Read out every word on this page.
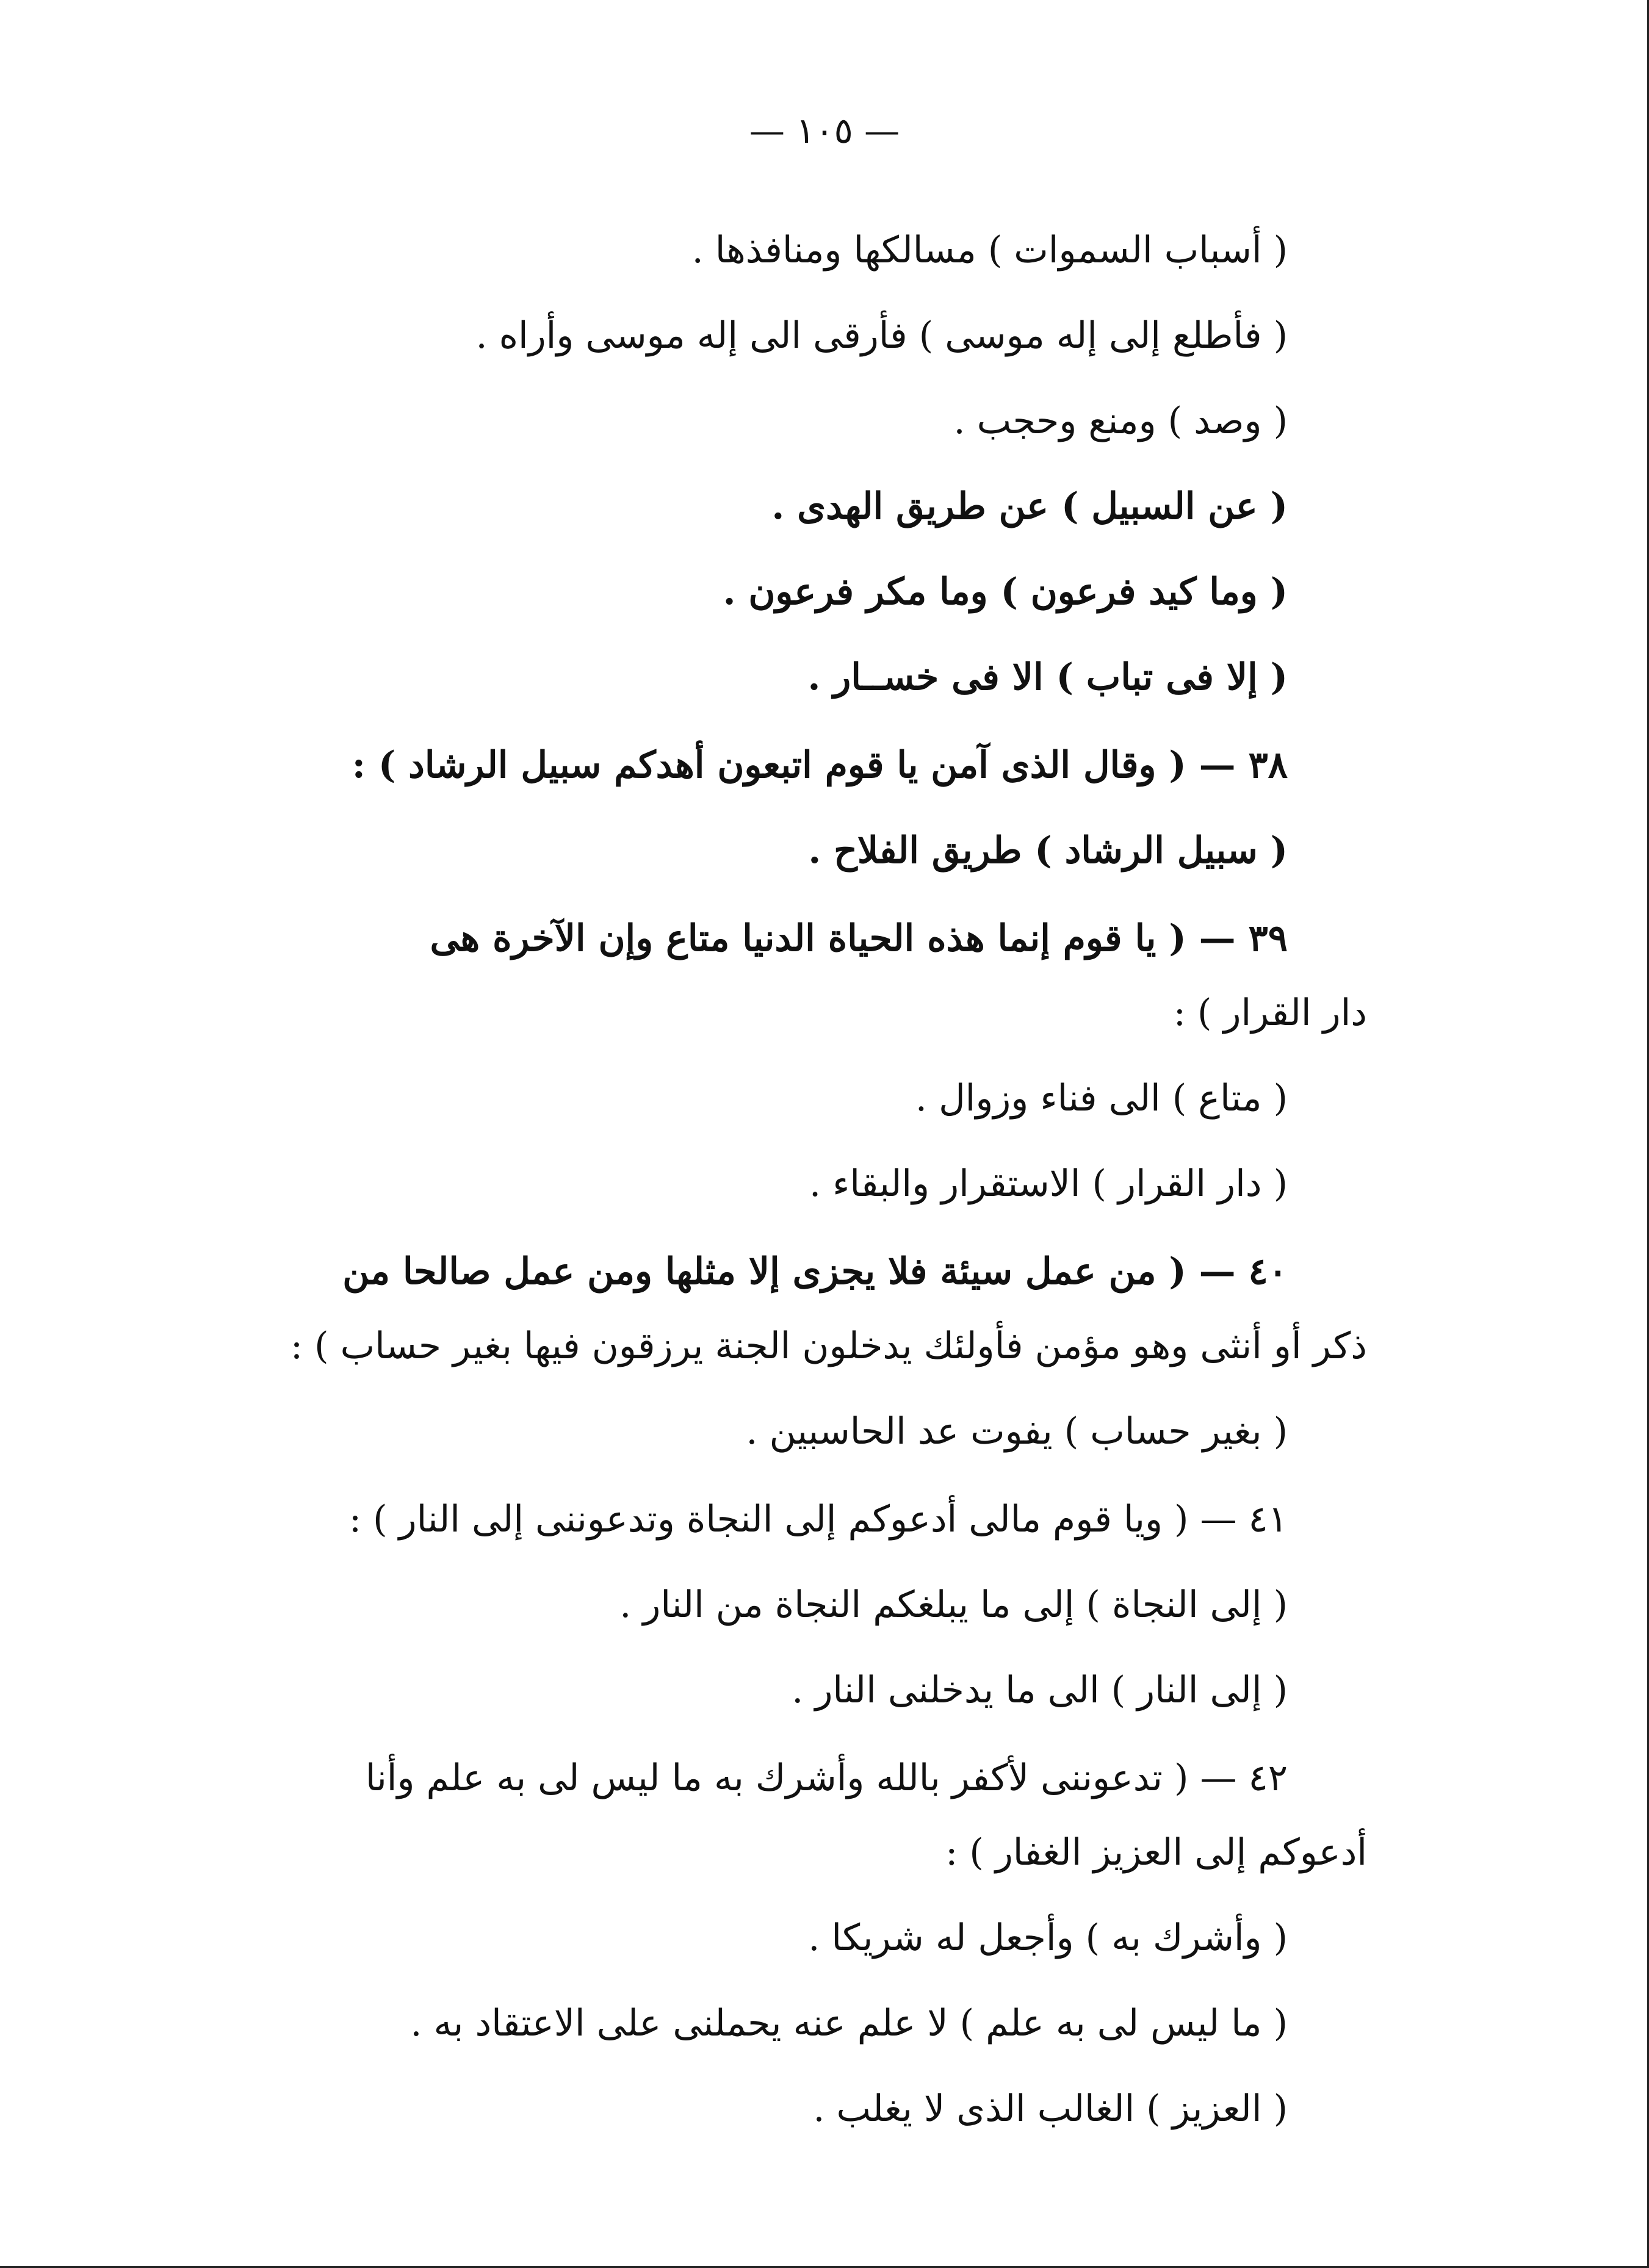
— ١٠٥ —
( أسباب السموات ) مسالكها ومنافذها .
( فأطلع إلى إله موسى ) فأرقى الى إله موسى وأراه .
( وصد ) ومنع وحجب .
( عن السبيل ) عن طريق الهدى .
( وما كيد فرعون ) وما مكر فرعون .
( إلا فى تباب ) الا فى خســار .
٣٨ — ( وقال الذى آمن يا قوم اتبعون أهدكم سبيل الرشاد ) :
( سبيل الرشاد ) طريق الفلاح .
٣٩ — ( يا قوم إنما هذه الحياة الدنيا متاع وإن الآخرة هى
دار القرار ) :
( متاع ) الى فناء وزوال .
( دار القرار ) الاستقرار والبقاء .
٤٠ — ( من عمل سيئة فلا يجزى إلا مثلها ومن عمل صالحا من
ذكر أو أنثى وهو مؤمن فأولئك يدخلون الجنة يرزقون فيها بغير حساب ) :
( بغير حساب ) يفوت عد الحاسبين .
٤١ — ( ويا قوم مالى أدعوكم إلى النجاة وتدعوننى إلى النار ) :
( إلى النجاة ) إلى ما يبلغكم النجاة من النار .
( إلى النار ) الى ما يدخلنى النار .
٤٢ — ( تدعوننى لأكفر بالله وأشرك به ما ليس لى به علم وأنا
أدعوكم إلى العزيز الغفار ) :
( وأشرك به ) وأجعل له شريكا .
( ما ليس لى به علم ) لا علم عنه يحملنى على الاعتقاد به .
( العزيز ) الغالب الذى لا يغلب .
